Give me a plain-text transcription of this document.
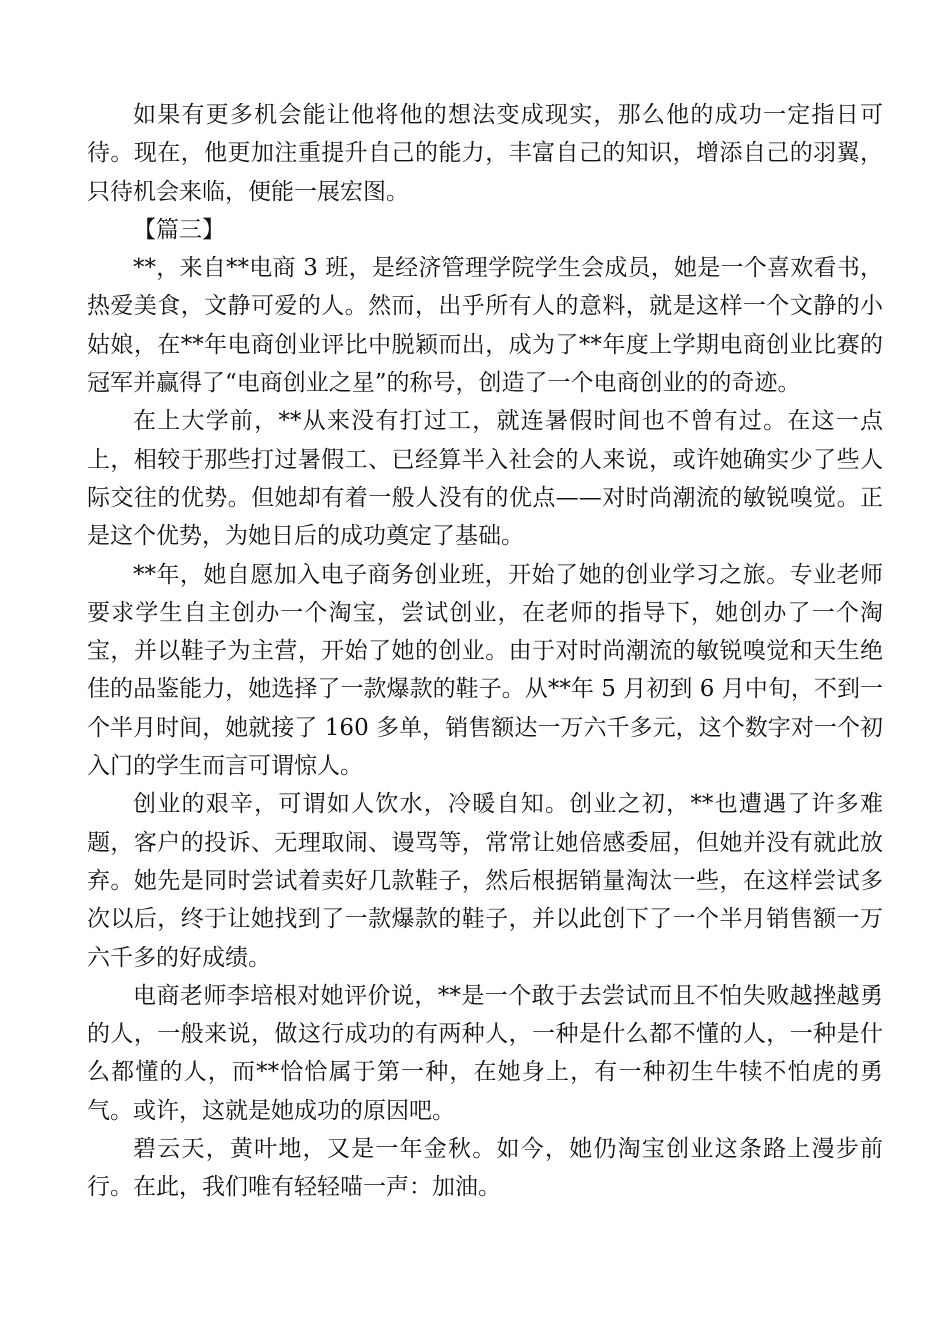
如果有更多机会能让他将他的想法变成现实，那么他的成功一定指日可待。现在，他更加注重提升自己的能力，丰富自己的知识，增添自己的羽翼，只待机会来临，便能一展宏图。

【篇三】

**，来自**电商 3 班，是经济管理学院学生会成员，她是一个喜欢看书，热爱美食，文静可爱的人。然而，出乎所有人的意料，就是这样一个文静的小姑娘，在**年电商创业评比中脱颖而出，成为了**年度上学期电商创业比赛的冠军并赢得了“电商创业之星”的称号，创造了一个电商创业的的奇迹。

在上大学前，**从来没有打过工，就连暑假时间也不曾有过。在这一点上，相较于那些打过暑假工、已经算半入社会的人来说，或许她确实少了些人际交往的优势。但她却有着一般人没有的优点——对时尚潮流的敏锐嗅觉。正是这个优势，为她日后的成功奠定了基础。

**年，她自愿加入电子商务创业班，开始了她的创业学习之旅。专业老师要求学生自主创办一个淘宝，尝试创业，在老师的指导下，她创办了一个淘宝，并以鞋子为主营，开始了她的创业。由于对时尚潮流的敏锐嗅觉和天生绝佳的品鉴能力，她选择了一款爆款的鞋子。从**年 5 月初到 6 月中旬，不到一个半月时间，她就接了 160 多单，销售额达一万六千多元，这个数字对一个初入门的学生而言可谓惊人。

创业的艰辛，可谓如人饮水，冷暖自知。创业之初，**也遭遇了许多难题，客户的投诉、无理取闹、谩骂等，常常让她倍感委屈，但她并没有就此放弃。她先是同时尝试着卖好几款鞋子，然后根据销量淘汰一些，在这样尝试多次以后，终于让她找到了一款爆款的鞋子，并以此创下了一个半月销售额一万六千多的好成绩。

电商老师李培根对她评价说，**是一个敢于去尝试而且不怕失败越挫越勇的人，一般来说，做这行成功的有两种人，一种是什么都不懂的人，一种是什么都懂的人，而**恰恰属于第一种，在她身上，有一种初生牛犊不怕虎的勇气。或许，这就是她成功的原因吧。

碧云天，黄叶地，又是一年金秋。如今，她仍淘宝创业这条路上漫步前行。在此，我们唯有轻轻喵一声：加油。
